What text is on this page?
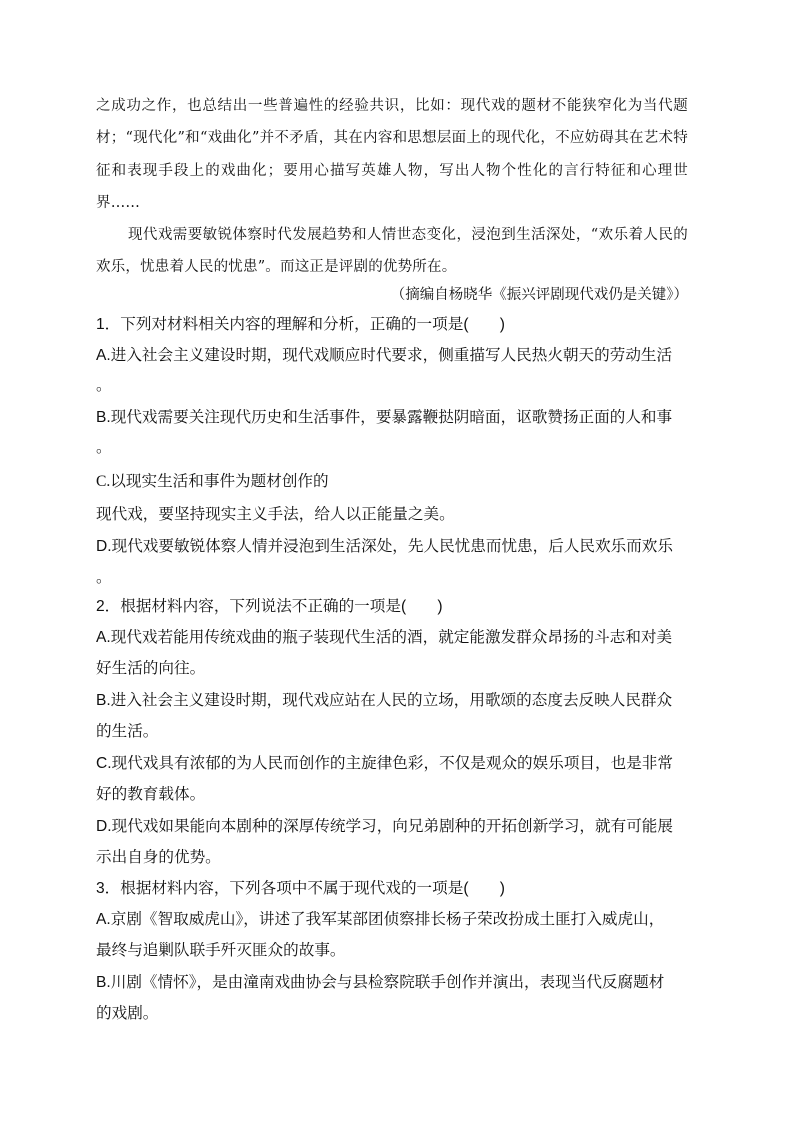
之成功之作，也总结出一些普遍性的经验共识，比如：现代戏的题材不能狭窄化为当代题材；“现代化”和“戏曲化”并不矛盾，其在内容和思想层面上的现代化，不应妨碍其在艺术特征和表现手段上的戏曲化；要用心描写英雄人物，写出人物个性化的言行特征和心理世界……

现代戏需要敏锐体察时代发展趋势和人情世态变化，浸泡到生活深处，“欢乐着人民的欢乐，忧患着人民的忧患”。而这正是评剧的优势所在。

（摘编自杨晓华《振兴评剧现代戏仍是关键》）

1．下列对材料相关内容的理解和分析，正确的一项是(　　)

A.进入社会主义建设时期，现代戏顺应时代要求，侧重描写人民热火朝天的劳动生活

。

B.现代戏需要关注现代历史和生活事件，要暴露鞭挞阴暗面，讴歌赞扬正面的人和事

。

C.以现实生活和事件为题材创作的

现代戏，要坚持现实主义手法，给人以正能量之美。

D.现代戏要敏锐体察人情并浸泡到生活深处，先人民忧患而忧患，后人民欢乐而欢乐

。

2．根据材料内容，下列说法不正确的一项是(　　)

A.现代戏若能用传统戏曲的瓶子装现代生活的酒，就定能激发群众昂扬的斗志和对美

好生活的向往。

B.进入社会主义建设时期，现代戏应站在人民的立场，用歌颂的态度去反映人民群众

的生活。

C.现代戏具有浓郁的为人民而创作的主旋律色彩，不仅是观众的娱乐项目，也是非常

好的教育载体。

D.现代戏如果能向本剧种的深厚传统学习，向兄弟剧种的开拓创新学习，就有可能展

示出自身的优势。

3．根据材料内容，下列各项中不属于现代戏的一项是(　　)

A.京剧《智取威虎山》，讲述了我军某部团侦察排长杨子荣改扮成土匪打入威虎山，

最终与追剿队联手歼灭匪众的故事。

B.川剧《情怀》，是由潼南戏曲协会与县检察院联手创作并演出，表现当代反腐题材

的戏剧。
